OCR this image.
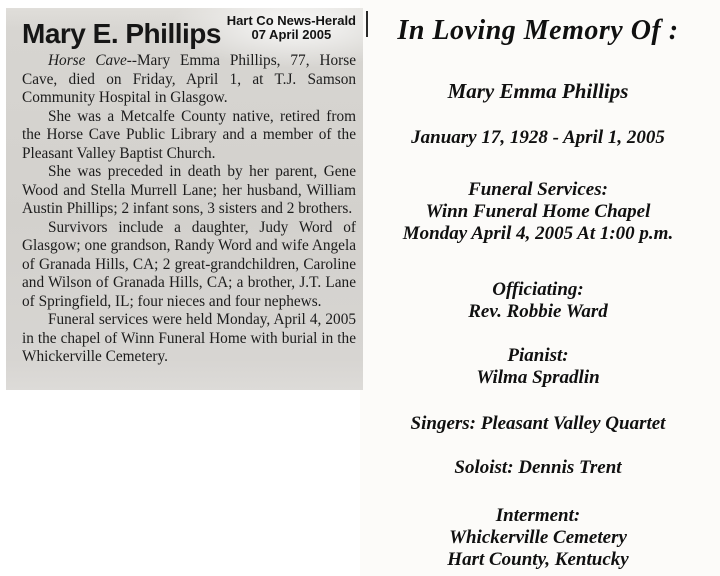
Mary E. Phillips Hart Co News-Herald
07 April 2005

Horse Cave--Mary Emma Phillips, 77, Horse Cave, died on Friday, April 1, at T.J. Samson Community Hospital in Glasgow.

She was a Metcalfe County native, retired from the Horse Cave Public Library and a member of the Pleasant Valley Baptist Church.

She was preceded in death by her parent, Gene Wood and Stella Murrell Lane; her husband, William Austin Phillips; 2 infant sons, 3 sisters and 2 brothers.

Survivors include a daughter, Judy Word of Glasgow; one grandson, Randy Word and wife Angela of Granada Hills, CA; 2 great-grandchildren, Caroline and Wilson of Granada Hills, CA; a brother, J.T. Lane of Springfield, IL; four nieces and four nephews.

Funeral services were held Monday, April 4, 2005 in the chapel of Winn Funeral Home with burial in the Whickerville Cemetery.

In Loving Memory Of :
Mary Emma Phillips
January 17, 1928 - April 1, 2005
Funeral Services:
Winn Funeral Home Chapel
Monday April 4, 2005 At 1:00 p.m.
Officiating:
Rev. Robbie Ward
Pianist:
Wilma Spradlin
Singers: Pleasant Valley Quartet
Soloist: Dennis Trent
Interment:
Whickerville Cemetery
Hart County, Kentucky
